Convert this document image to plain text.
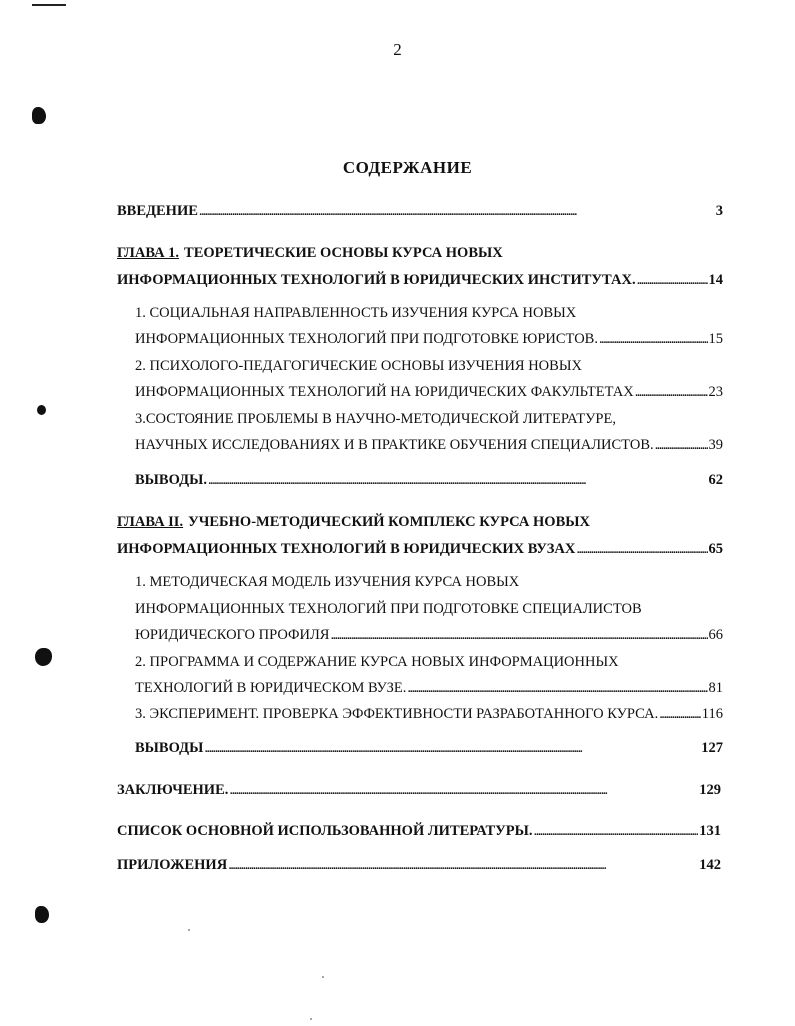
2
СОДЕРЖАНИЕ
ВВЕДЕНИЕ . . .	3
ГЛАВА 1. ТЕОРЕТИЧЕСКИЕ ОСНОВЫ КУРСА НОВЫХ
ИНФОРМАЦИОННЫХ ТЕХНОЛОГИЙ В ЮРИДИЧЕСКИХ ИНСТИТУТАХ. . . .	14
1. СОЦИАЛЬНАЯ НАПРАВЛЕННОСТЬ ИЗУЧЕНИЯ КУРСА НОВЫХ
ИНФОРМАЦИОННЫХ ТЕХНОЛОГИЙ ПРИ ПОДГОТОВКЕ ЮРИСТОВ. . . .	15
2. ПСИХОЛОГО-ПЕДАГОГИЧЕСКИЕ ОСНОВЫ ИЗУЧЕНИЯ НОВЫХ
ИНФОРМАЦИОННЫХ ТЕХНОЛОГИЙ НА ЮРИДИЧЕСКИХ ФАКУЛЬТЕТАХ . . .	23
3.СОСТОЯНИЕ ПРОБЛЕМЫ В НАУЧНО-МЕТОДИЧЕСКОЙ ЛИТЕРАТУРЕ,
НАУЧНЫХ ИССЛЕДОВАНИЯХ И В ПРАКТИКЕ ОБУЧЕНИЯ СПЕЦИАЛИСТОВ. . . .	39
ВЫВОДЫ. . . .	62
ГЛАВА II. УЧЕБНО-МЕТОДИЧЕСКИЙ КОМПЛЕКС КУРСА НОВЫХ
ИНФОРМАЦИОННЫХ ТЕХНОЛОГИЙ В ЮРИДИЧЕСКИХ ВУЗАХ . . .	65
1. МЕТОДИЧЕСКАЯ МОДЕЛЬ ИЗУЧЕНИЯ КУРСА НОВЫХ
ИНФОРМАЦИОННЫХ ТЕХНОЛОГИЙ ПРИ ПОДГОТОВКЕ СПЕЦИАЛИСТОВ
ЮРИДИЧЕСКОГО ПРОФИЛЯ . . .	66
2. ПРОГРАММА И СОДЕРЖАНИЕ КУРСА НОВЫХ ИНФОРМАЦИОННЫХ
ТЕХНОЛОГИЙ В ЮРИДИЧЕСКОМ ВУЗЕ. . . .	81
3. ЭКСПЕРИМЕНТ. ПРОВЕРКА ЭФФЕКТИВНОСТИ РАЗРАБОТАННОГО КУРСА. . . .	116
ВЫВОДЫ . . .	127
ЗАКЛЮЧЕНИЕ. . . .	129
СПИСОК ОСНОВНОЙ ИСПОЛЬЗОВАННОЙ ЛИТЕРАТУРЫ. . . .	131
ПРИЛОЖЕНИЯ . . .	142
